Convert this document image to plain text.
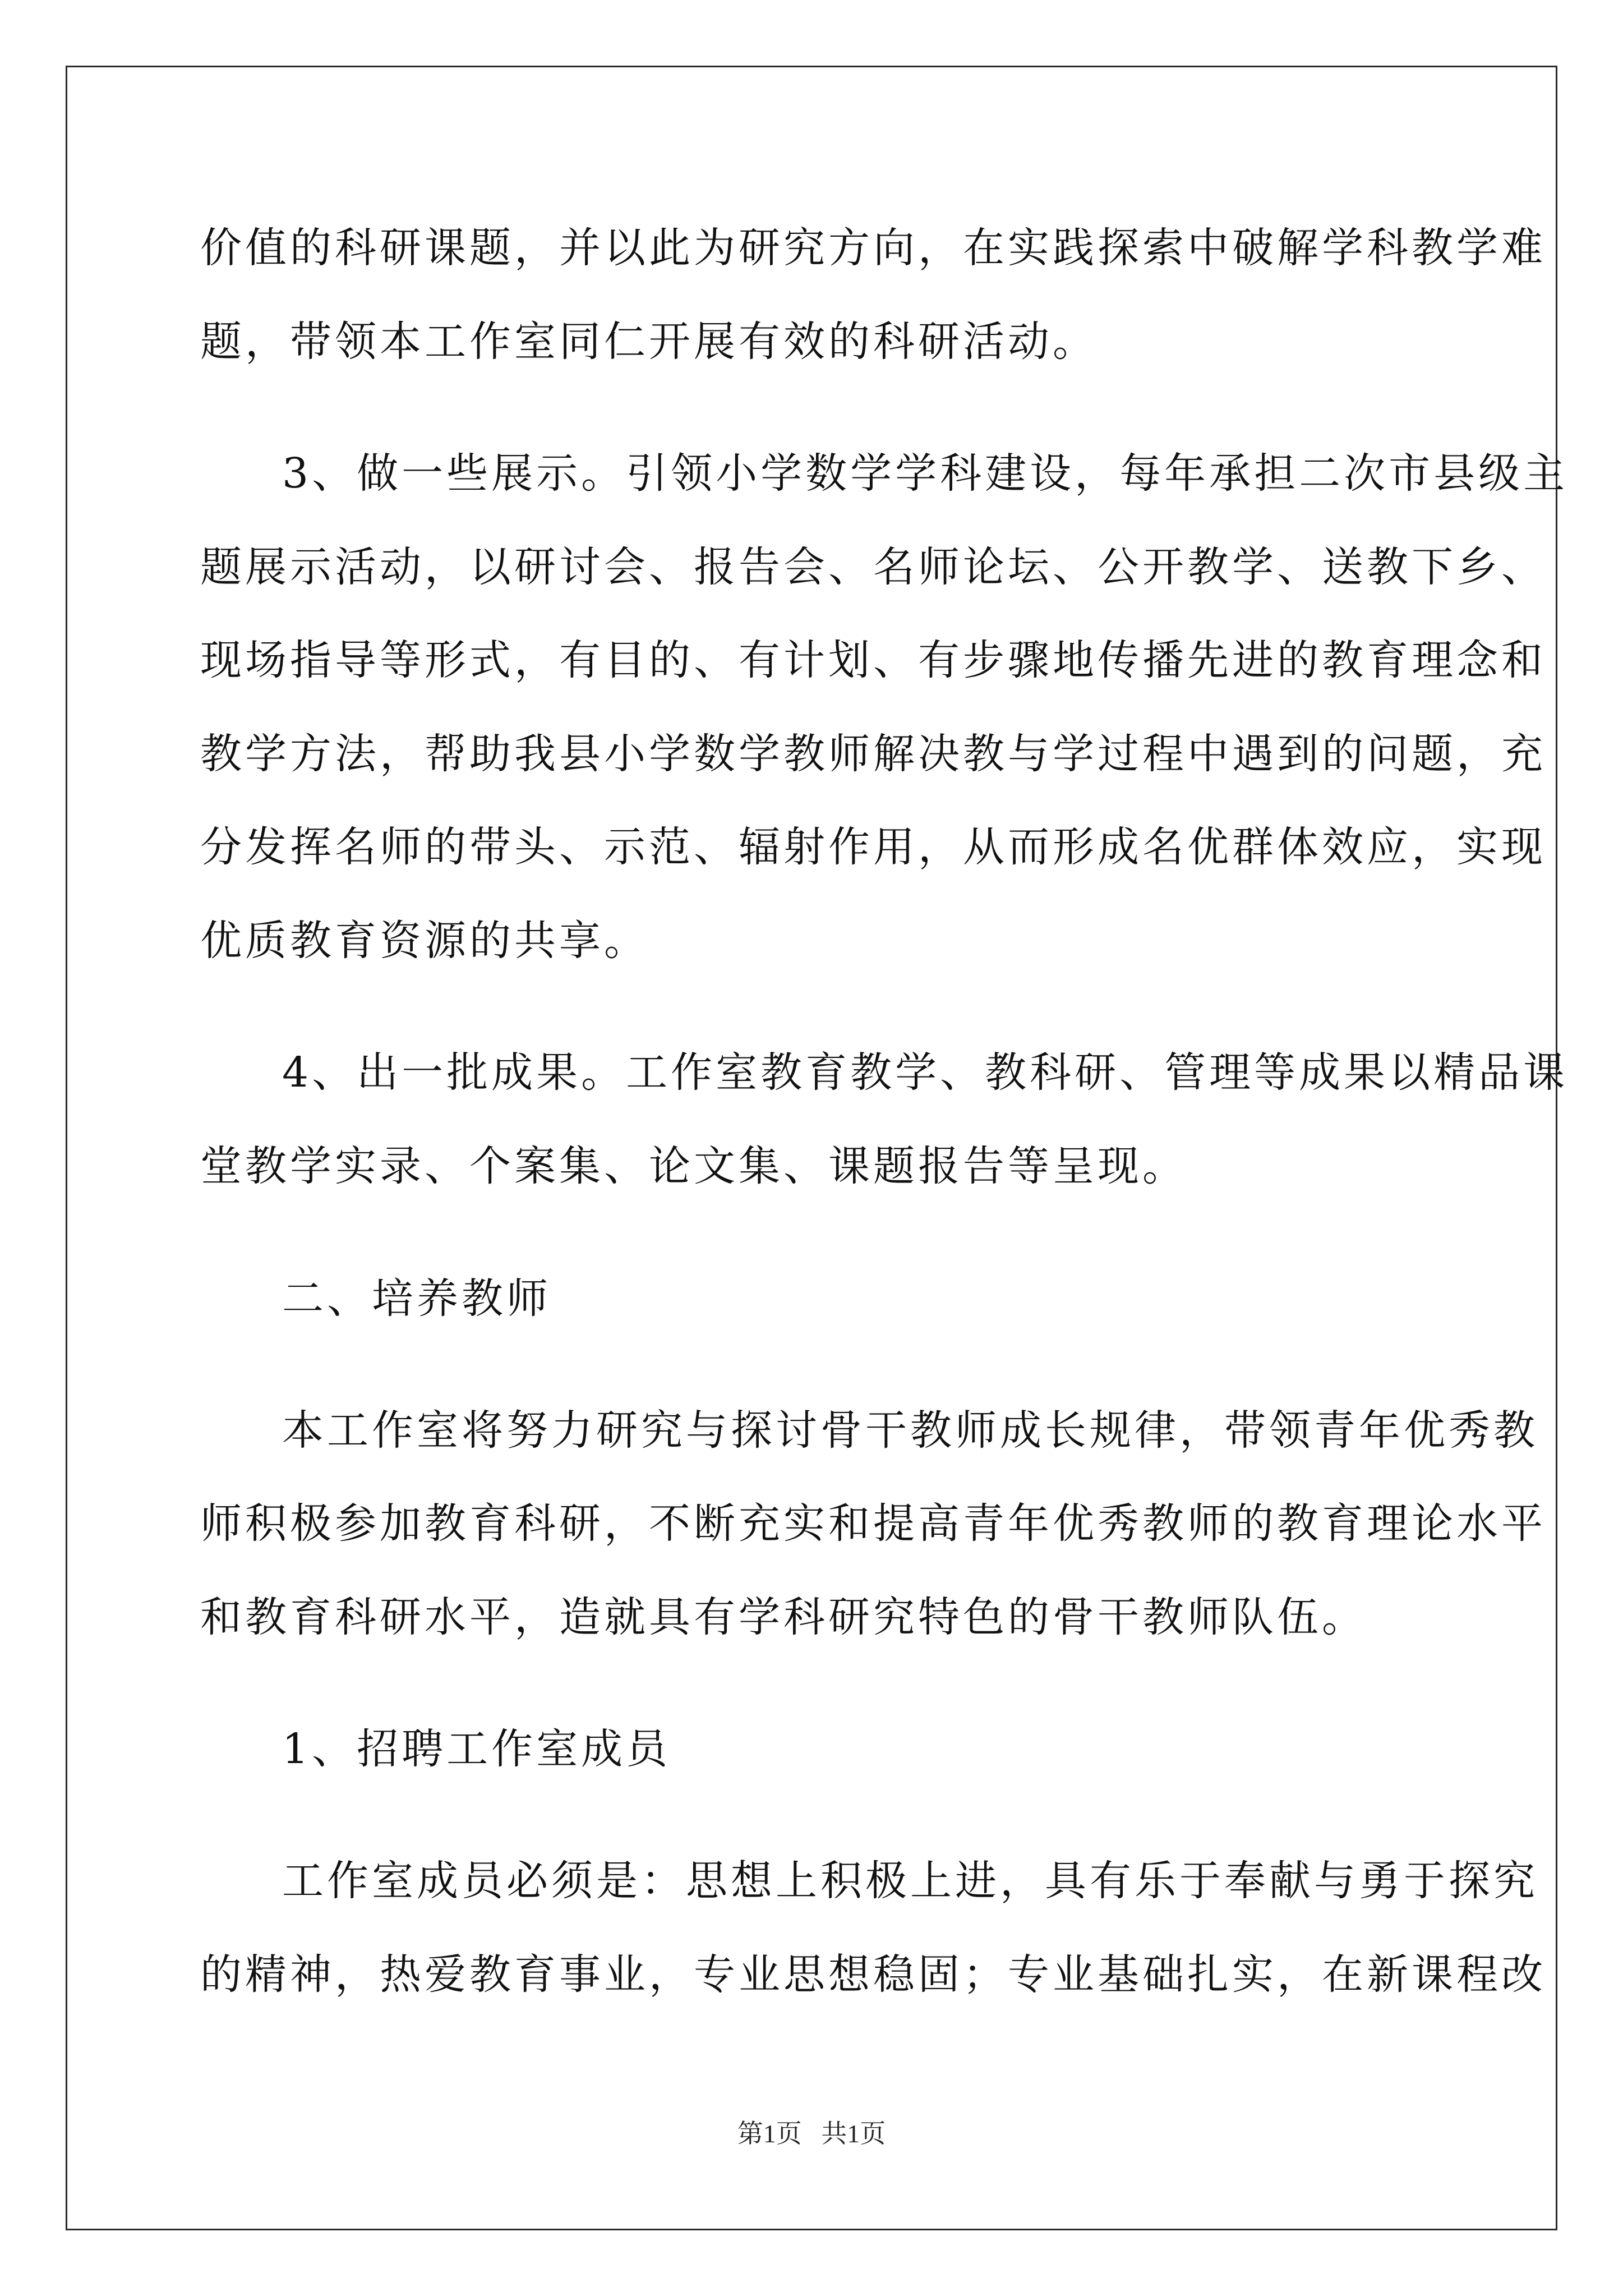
价值的科研课题，并以此为研究方向，在实践探索中破解学科教学难
题，带领本工作室同仁开展有效的科研活动。
3、做一些展示。引领小学数学学科建设，每年承担二次市县级主
题展示活动，以研讨会、报告会、名师论坛、公开教学、送教下乡、
现场指导等形式，有目的、有计划、有步骤地传播先进的教育理念和
教学方法，帮助我县小学数学教师解决教与学过程中遇到的问题，充
分发挥名师的带头、示范、辐射作用，从而形成名优群体效应，实现
优质教育资源的共享。
4、出一批成果。工作室教育教学、教科研、管理等成果以精品课
堂教学实录、个案集、论文集、课题报告等呈现。
二、培养教师
本工作室将努力研究与探讨骨干教师成长规律，带领青年优秀教
师积极参加教育科研，不断充实和提高青年优秀教师的教育理论水平
和教育科研水平，造就具有学科研究特色的骨干教师队伍。
1、招聘工作室成员
工作室成员必须是：思想上积极上进，具有乐于奉献与勇于探究
的精神，热爱教育事业，专业思想稳固；专业基础扎实，在新课程改
第1页   共1页
